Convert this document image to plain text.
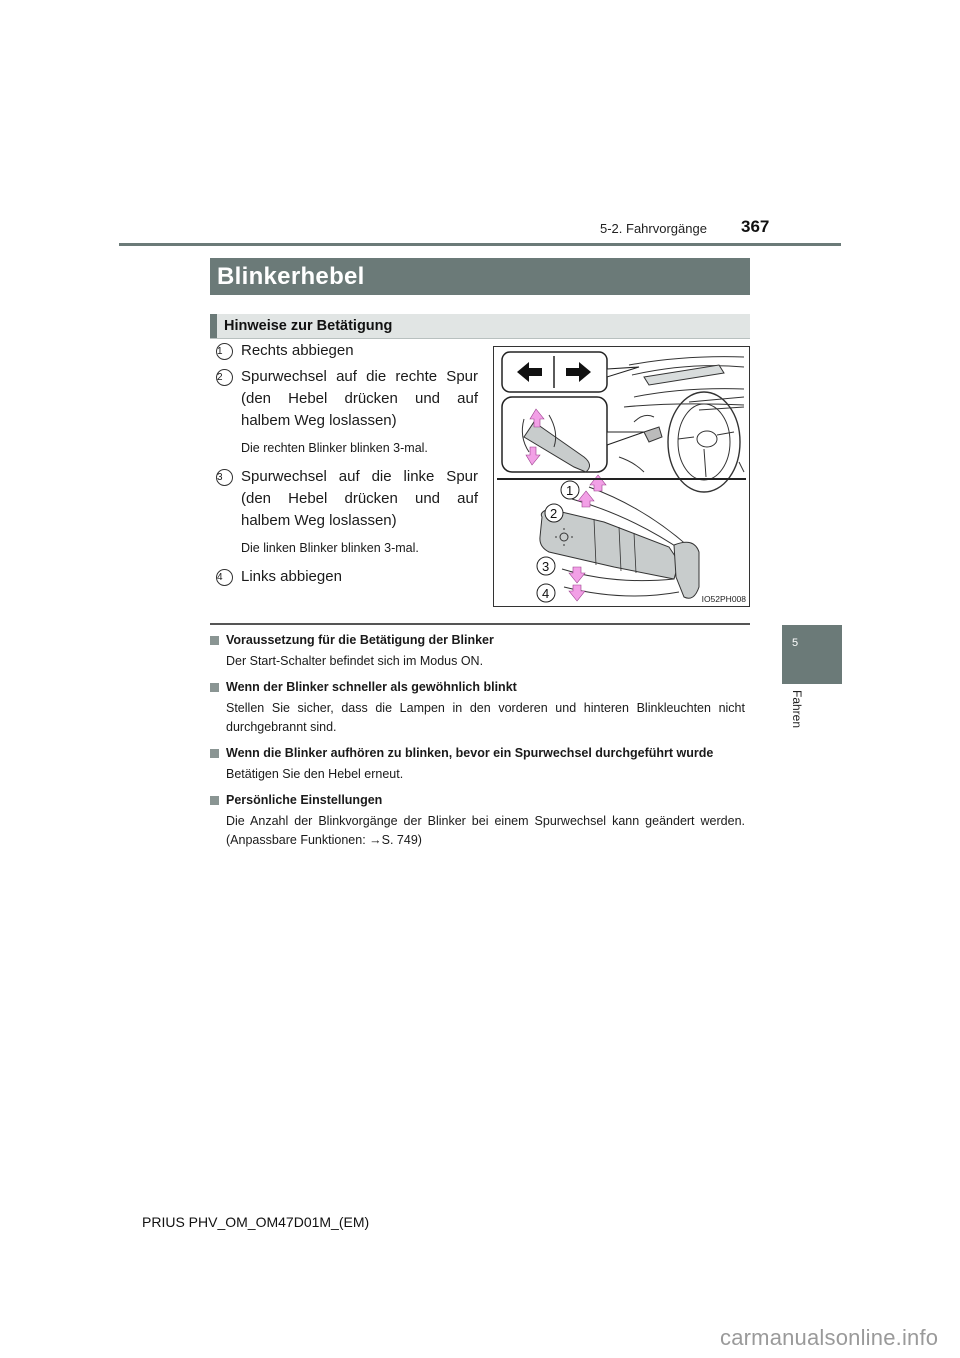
5-2. Fahrvorgänge 367
Blinkerhebel
Hinweise zur Betätigung
1	Rechts abbiegen
2	Spurwechsel auf die rechte Spur (den Hebel drücken und auf halbem Weg loslassen)
Die rechten Blinker blinken 3-mal.
3	Spurwechsel auf die linke Spur (den Hebel drücken und auf halbem Weg loslassen)
Die linken Blinker blinken 3-mal.
4	Links abbiegen
1
2
3
4	IO52PH008
Voraussetzung für die Betätigung der Blinker
Der Start-Schalter befindet sich im Modus ON.
Wenn der Blinker schneller als gewöhnlich blinkt
Stellen Sie sicher, dass die Lampen in den vorderen und hinteren Blinkleuchten nicht durchgebrannt sind.
Wenn die Blinker aufhören zu blinken, bevor ein Spurwechsel durchgeführt wurde
Betätigen Sie den Hebel erneut.
Persönliche Einstellungen
Die Anzahl der Blinkvorgänge der Blinker bei einem Spurwechsel kann geändert werden. (Anpassbare Funktionen: →S. 749)
5
Fahren
PRIUS PHV_OM_OM47D01M_(EM)
carmanualsonline.info
